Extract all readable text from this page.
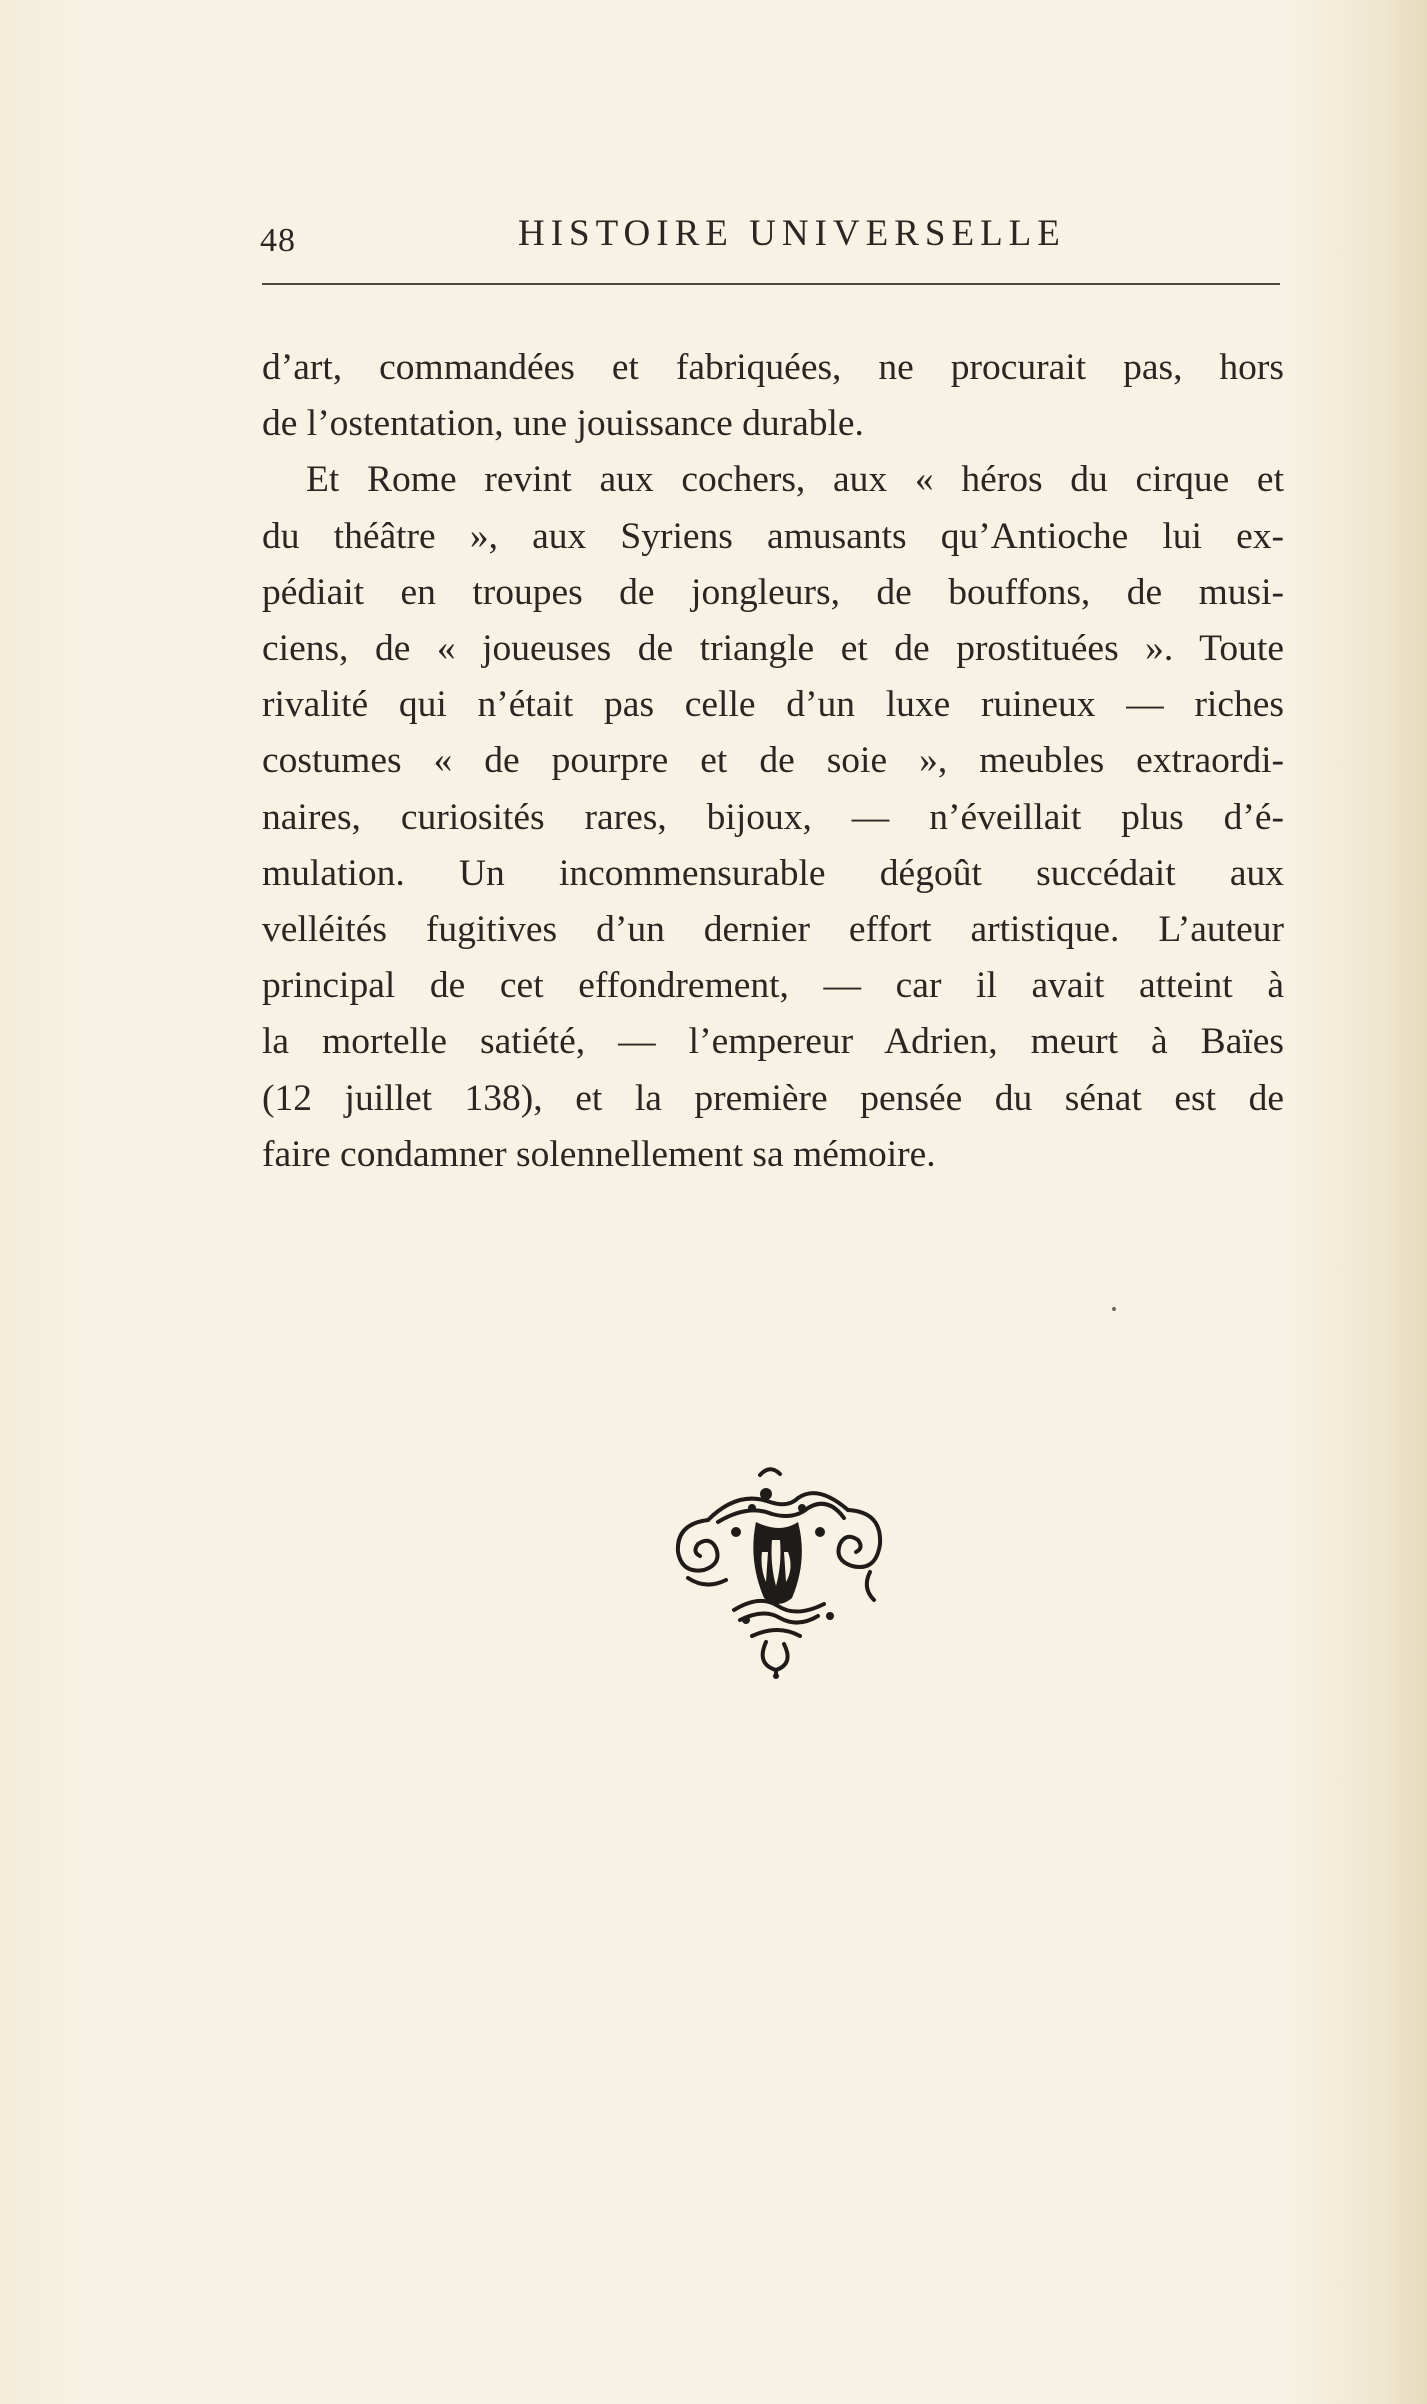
48	HISTOIRE UNIVERSELLE

d’art, commandées et fabriquées, ne procurait pas, hors
de l’ostentation, une jouissance durable.
Et Rome revint aux cochers, aux « héros du cirque et
du théâtre », aux Syriens amusants qu’Antioche lui ex-
pédiait en troupes de jongleurs, de bouffons, de musi-
ciens, de « joueuses de triangle et de prostituées ». Toute
rivalité qui n’était pas celle d’un luxe ruineux — riches
costumes « de pourpre et de soie », meubles extraordi-
naires, curiosités rares, bijoux, — n’éveillait plus d’é-
mulation. Un incommensurable dégoût succédait aux
velléités fugitives d’un dernier effort artistique. L’auteur
principal de cet effondrement, — car il avait atteint à
la mortelle satiété, — l’empereur Adrien, meurt à Baïes
(12 juillet 138), et la première pensée du sénat est de
faire condamner solennellement sa mémoire.
